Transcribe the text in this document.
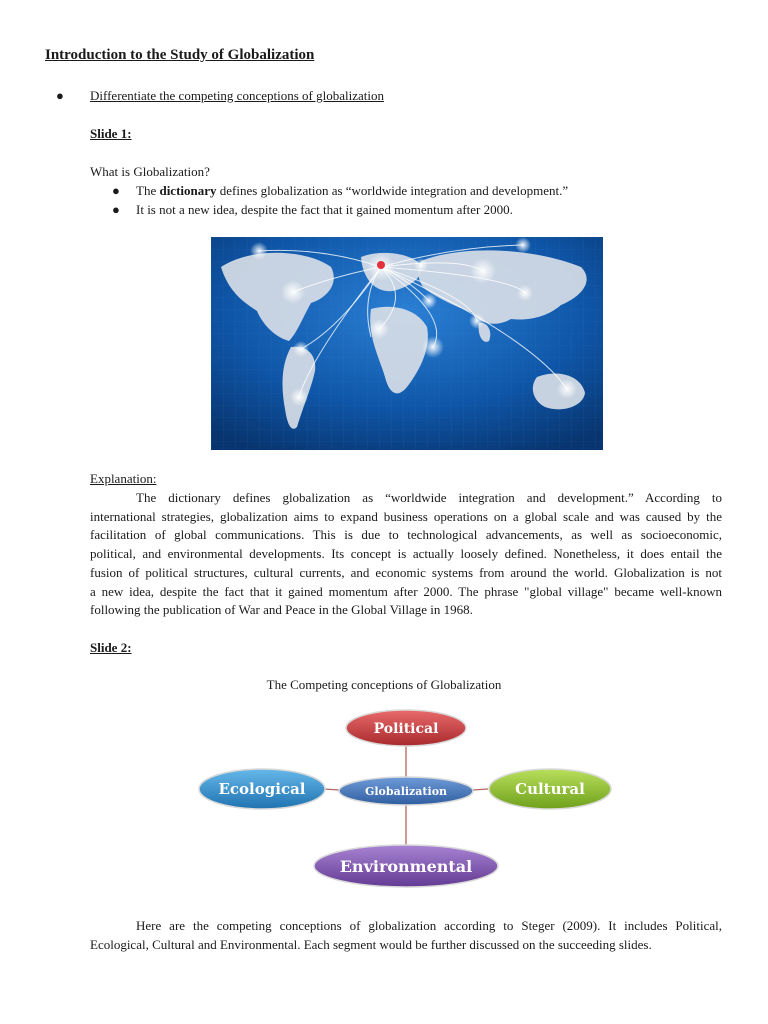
Introduction to the Study of Globalization
● Differentiate the competing conceptions of globalization
Slide 1:
What is Globalization?
● The dictionary defines globalization as “worldwide integration and development.”
● It is not a new idea, despite the fact that it gained momentum after 2000.
Explanation:
The dictionary defines globalization as “worldwide integration and development.” According to
international strategies, globalization aims to expand business operations on a global scale and was caused by the
facilitation of global communications. This is due to technological advancements, as well as socioeconomic,
political, and environmental developments. Its concept is actually loosely defined. Nonetheless, it does entail the
fusion of political structures, cultural currents, and economic systems from around the world. Globalization is not
a new idea, despite the fact that it gained momentum after 2000. The phrase "global village" became well-known
following the publication of War and Peace in the Global Village in 1968.
Slide 2:
The Competing conceptions of Globalization
Political
Ecological	Globalization	Cultural
Environmental
Here are the competing conceptions of globalization according to Steger (2009). It includes Political,
Ecological, Cultural and Environmental. Each segment would be further discussed on the succeeding slides.
